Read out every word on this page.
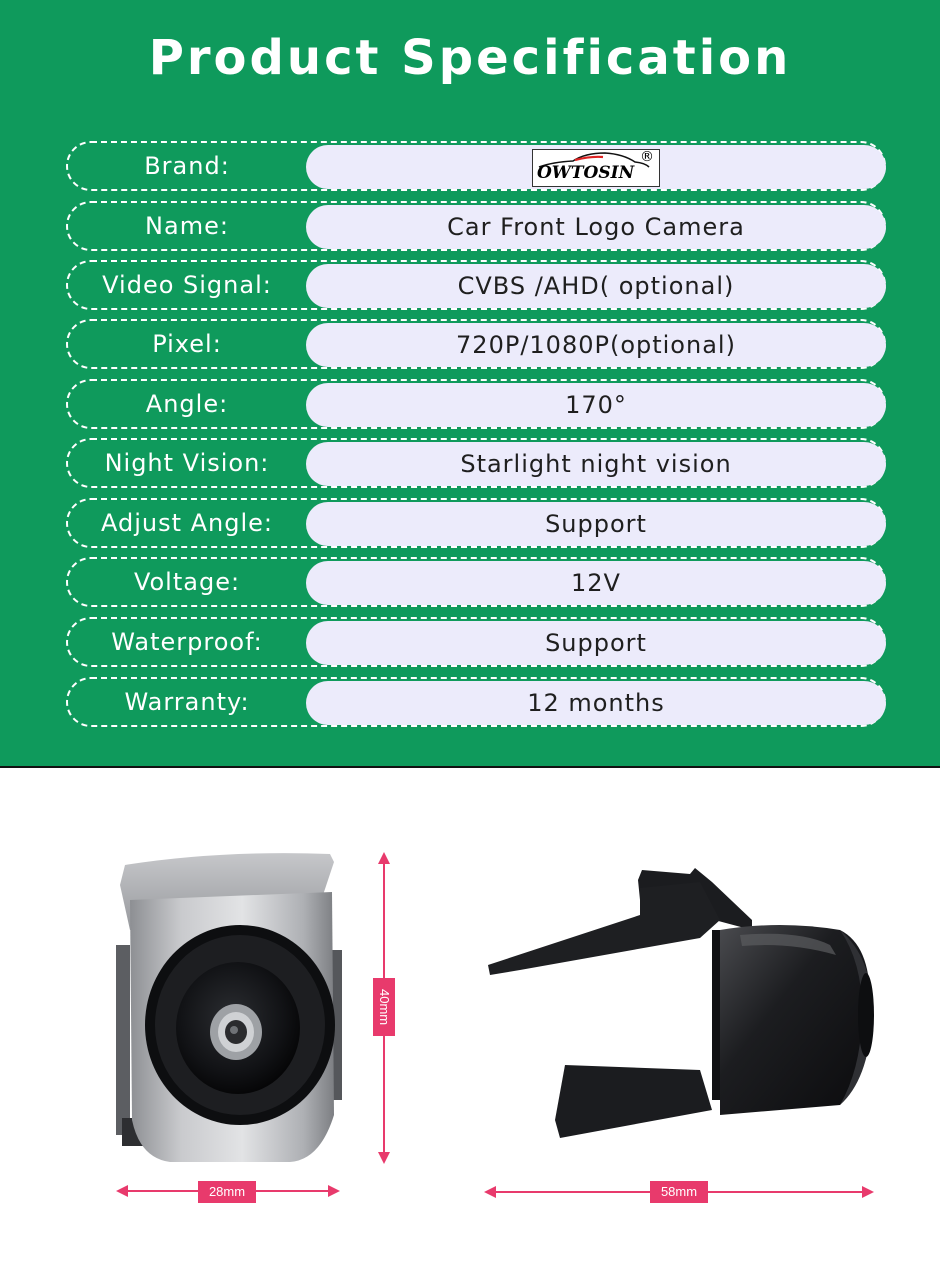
Product Specification
Brand:	OWTOSIN
®
Name:	Car Front Logo Camera
Video Signal:	CVBS /AHD( optional)
Pixel:	720P/1080P(optional)
Angle:	170°
Night Vision:	Starlight night vision
Adjust Angle:	Support
Voltage:	12V
Waterproof:	Support
Warranty:	12 months
40mm
28mm	58mm
